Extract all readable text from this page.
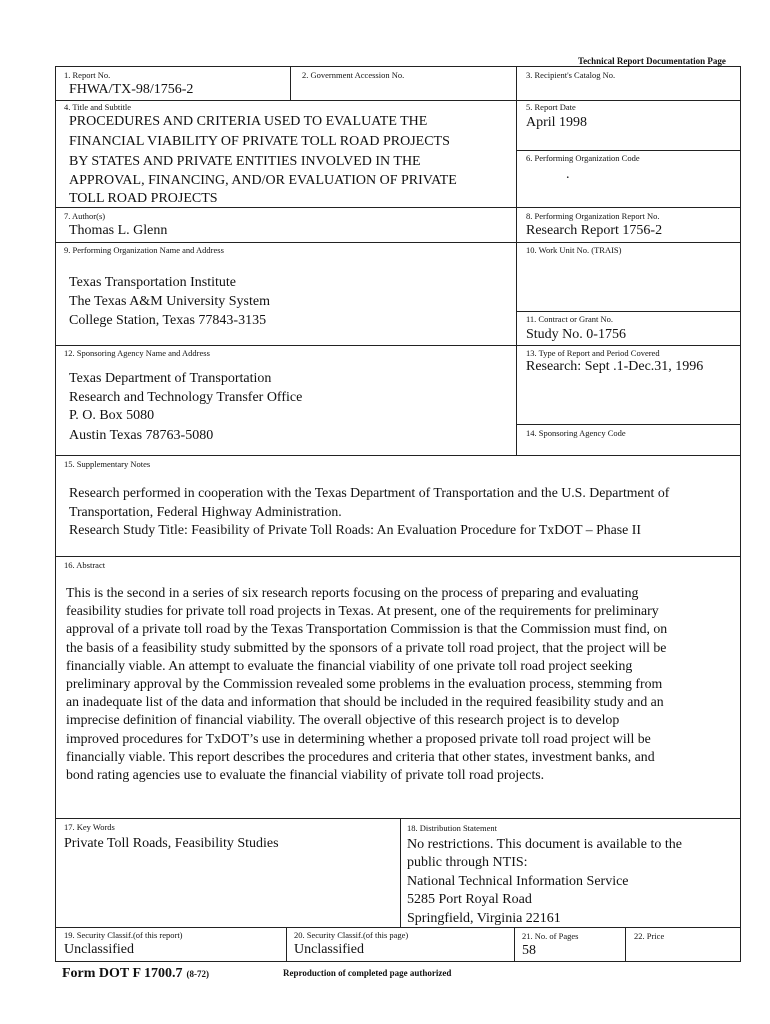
Technical Report Documentation Page
1. Report No.
FHWA/TX-98/1756-2
2. Government Accession No.	3. Recipient's Catalog No.
4. Title and Subtitle
PROCEDURES AND CRITERIA USED TO EVALUATE THE
FINANCIAL VIABILITY OF PRIVATE TOLL ROAD PROJECTS
BY STATES AND PRIVATE ENTITIES INVOLVED IN THE
APPROVAL, FINANCING, AND/OR EVALUATION OF PRIVATE
TOLL ROAD PROJECTS
5. Report Date
April 1998
6. Performing Organization Code
.
7. Author(s)
Thomas L. Glenn
8. Performing Organization Report No.
Research Report 1756-2
9. Performing Organization Name and Address
Texas Transportation Institute
The Texas A&M University System
College Station, Texas 77843-3135
10. Work Unit No. (TRAIS)
11. Contract or Grant No.
Study No. 0-1756
12. Sponsoring Agency Name and Address
Texas Department of Transportation
Research and Technology Transfer Office
P. O. Box 5080
Austin Texas 78763-5080
13. Type of Report and Period Covered
Research: Sept .1-Dec.31, 1996
14. Sponsoring Agency Code
15. Supplementary Notes
Research performed in cooperation with the Texas Department of Transportation and the U.S. Department of
Transportation, Federal Highway Administration.
Research Study Title: Feasibility of Private Toll Roads: An Evaluation Procedure for TxDOT – Phase II
16. Abstract
This is the second in a series of six research reports focusing on the process of preparing and evaluating
feasibility studies for private toll road projects in Texas. At present, one of the requirements for preliminary
approval of a private toll road by the Texas Transportation Commission is that the Commission must find, on
the basis of a feasibility study submitted by the sponsors of a private toll road project, that the project will be
financially viable. An attempt to evaluate the financial viability of one private toll road project seeking
preliminary approval by the Commission revealed some problems in the evaluation process, stemming from
an inadequate list of the data and information that should be included in the required feasibility study and an
imprecise definition of financial viability. The overall objective of this research project is to develop
improved procedures for TxDOT’s use in determining whether a proposed private toll road project will be
financially viable. This report describes the procedures and criteria that other states, investment banks, and
bond rating agencies use to evaluate the financial viability of private toll road projects.
17. Key Words
Private Toll Roads, Feasibility Studies
18. Distribution Statement
No restrictions. This document is available to the
public through NTIS:
National Technical Information Service
5285 Port Royal Road
Springfield, Virginia 22161
19. Security Classif.(of this report)
Unclassified
20. Security Classif.(of this page)
Unclassified
21. No. of Pages
58
22. Price
Form DOT F 1700.7 (8-72)	Reproduction of completed page authorized
